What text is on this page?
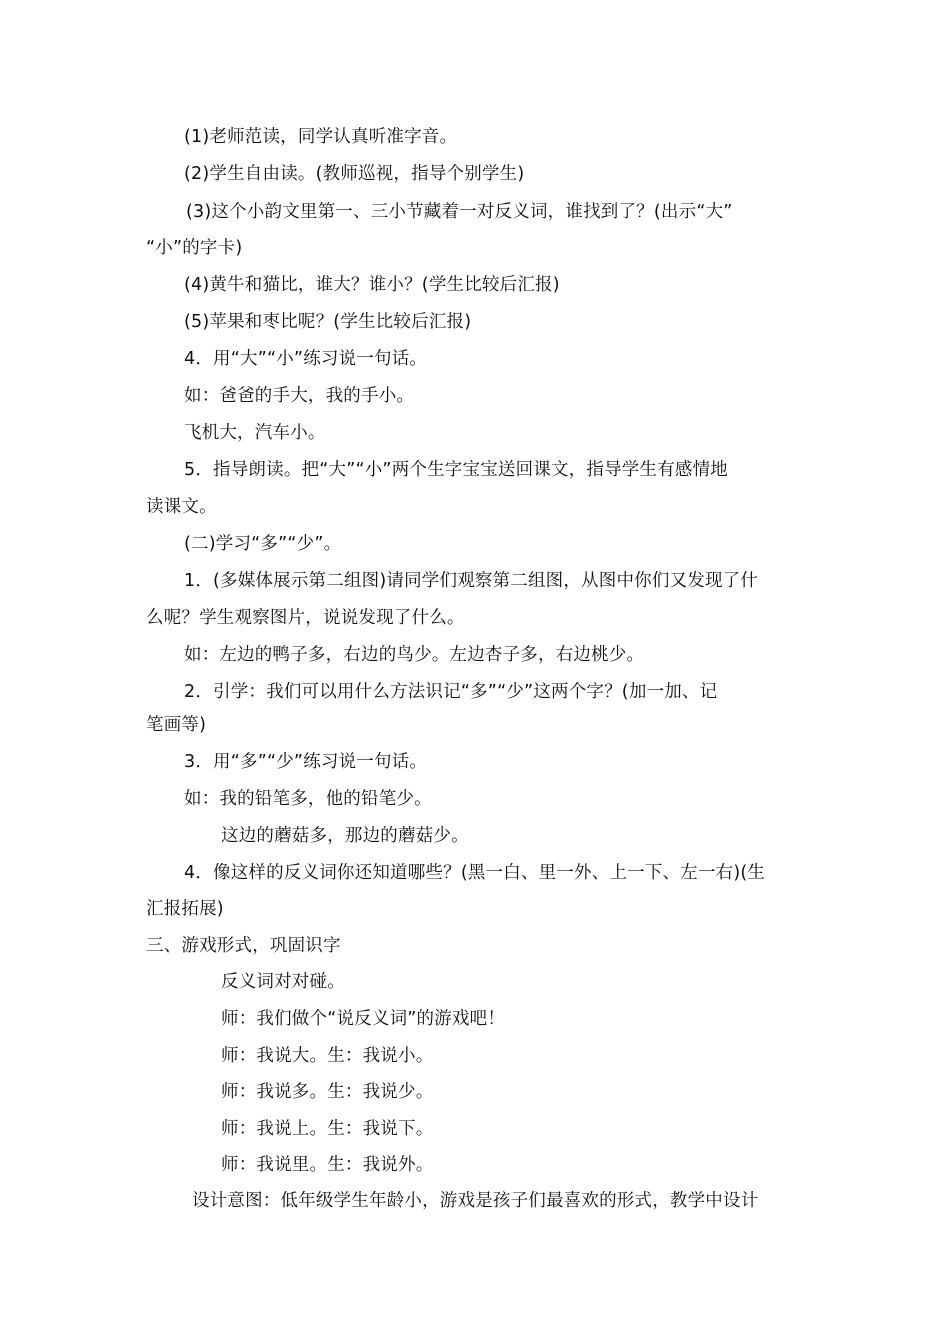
(1)老师范读，同学认真听准字音。
(2)学生自由读。(教师巡视，指导个别学生)
(3)这个小韵文里第一、三小节藏着一对反义词，谁找到了？(出示“大”
“小”的字卡)
(4)黄牛和猫比，谁大？谁小？(学生比较后汇报)
(5)苹果和枣比呢？(学生比较后汇报)
4．用“大”“小”练习说一句话。
如：爸爸的手大，我的手小。
飞机大，汽车小。
5．指导朗读。把“大”“小”两个生字宝宝送回课文，指导学生有感情地
读课文。
(二)学习“多”“少”。
1．(多媒体展示第二组图)请同学们观察第二组图，从图中你们又发现了什
么呢？学生观察图片，说说发现了什么。
如：左边的鸭子多，右边的鸟少。左边杏子多，右边桃少。
2．引学：我们可以用什么方法识记“多”“少”这两个字？(加一加、记
笔画等)
3．用“多”“少”练习说一句话。
如：我的铅笔多，他的铅笔少。
这边的蘑菇多，那边的蘑菇少。
4．像这样的反义词你还知道哪些？(黑一白、里一外、上一下、左一右)(生
汇报拓展)
三、游戏形式，巩固识字
反义词对对碰。
师：我们做个“说反义词”的游戏吧！
师：我说大。生：我说小。
师：我说多。生：我说少。
师：我说上。生：我说下。
师：我说里。生：我说外。
设计意图：低年级学生年龄小，游戏是孩子们最喜欢的形式，教学中设计
